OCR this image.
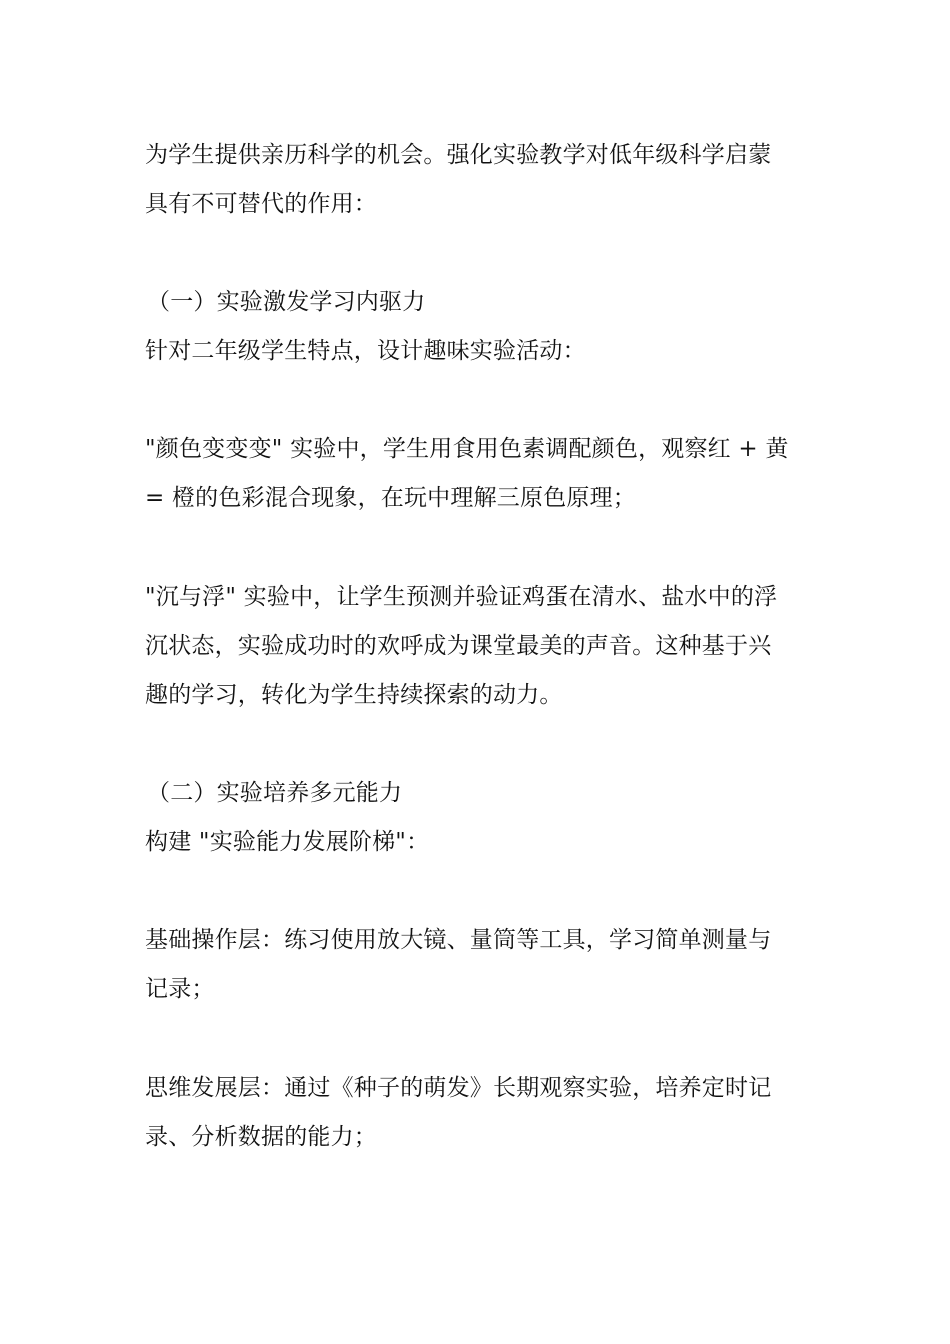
为学生提供亲历科学的机会。强化实验教学对低年级科学启蒙
具有不可替代的作用：
（一）实验激发学习内驱力
针对二年级学生特点，设计趣味实验活动：
"颜色变变变" 实验中，学生用食用色素调配颜色，观察红 + 黄
= 橙的色彩混合现象，在玩中理解三原色原理；
"沉与浮" 实验中，让学生预测并验证鸡蛋在清水、盐水中的浮
沉状态，实验成功时的欢呼成为课堂最美的声音。这种基于兴
趣的学习，转化为学生持续探索的动力。
（二）实验培养多元能力
构建 "实验能力发展阶梯"：
基础操作层：练习使用放大镜、量筒等工具，学习简单测量与
记录；
思维发展层：通过《种子的萌发》长期观察实验，培养定时记
录、分析数据的能力；
